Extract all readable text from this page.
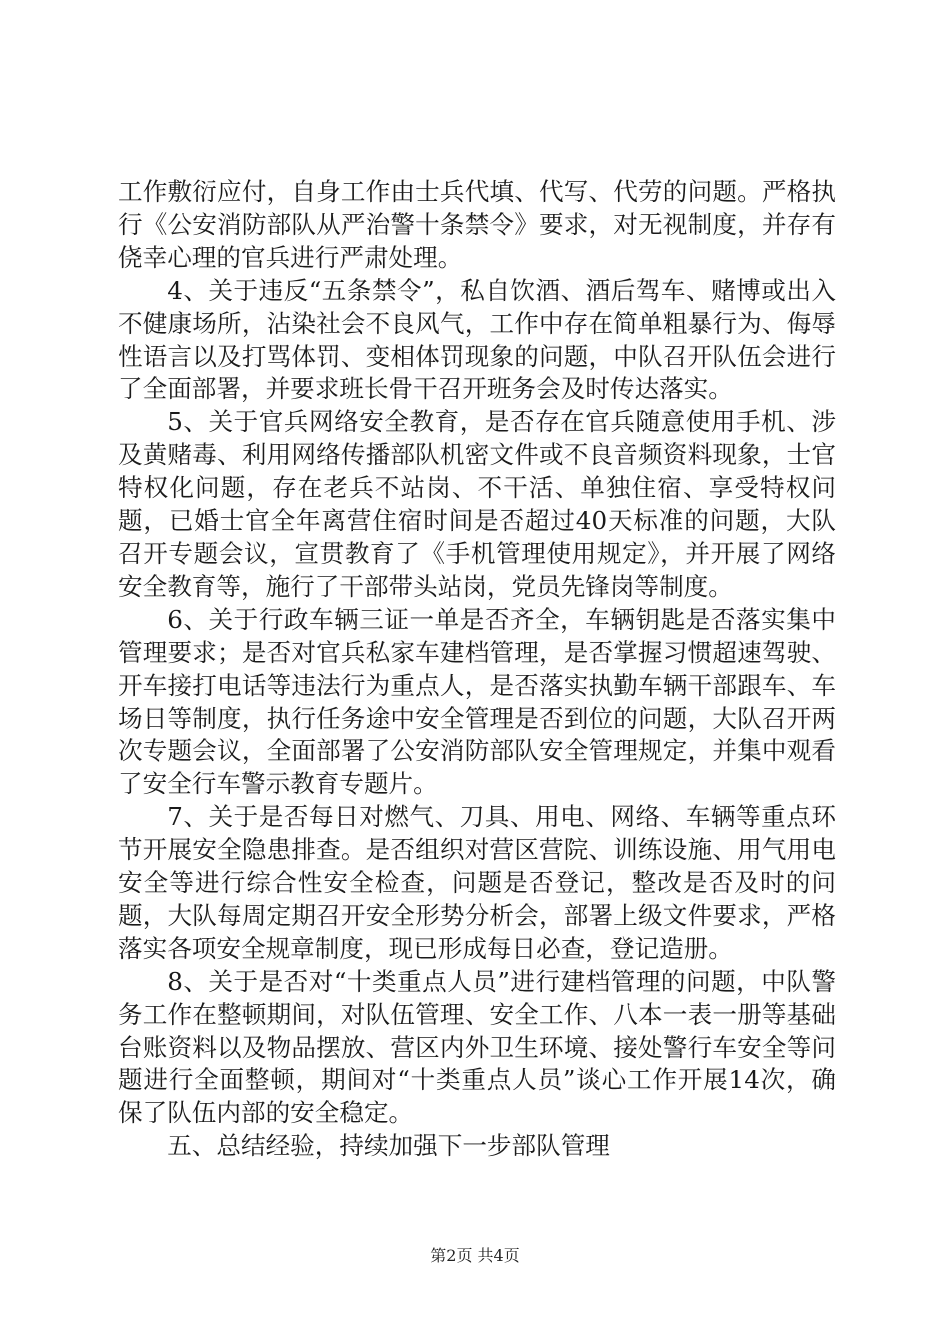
工作敷衍应付，自身工作由士兵代填、代写、代劳的问题。严格执行《公安消防部队从严治警十条禁令》要求，对无视制度，并存有侥幸心理的官兵进行严肃处理。

4、关于违反“五条禁令”，私自饮酒、酒后驾车、赌博或出入不健康场所，沾染社会不良风气，工作中存在简单粗暴行为、侮辱性语言以及打骂体罚、变相体罚现象的问题，中队召开队伍会进行了全面部署，并要求班长骨干召开班务会及时传达落实。

5、关于官兵网络安全教育，是否存在官兵随意使用手机、涉及黄赌毒、利用网络传播部队机密文件或不良音频资料现象，士官特权化问题，存在老兵不站岗、不干活、单独住宿、享受特权问题，已婚士官全年离营住宿时间是否超过40天标准的问题，大队召开专题会议，宣贯教育了《手机管理使用规定》，并开展了网络安全教育等，施行了干部带头站岗，党员先锋岗等制度。

6、关于行政车辆三证一单是否齐全，车辆钥匙是否落实集中管理要求；是否对官兵私家车建档管理，是否掌握习惯超速驾驶、开车接打电话等违法行为重点人，是否落实执勤车辆干部跟车、车场日等制度，执行任务途中安全管理是否到位的问题，大队召开两次专题会议，全面部署了公安消防部队安全管理规定，并集中观看了安全行车警示教育专题片。

7、关于是否每日对燃气、刀具、用电、网络、车辆等重点环节开展安全隐患排查。是否组织对营区营院、训练设施、用气用电安全等进行综合性安全检查，问题是否登记，整改是否及时的问题，大队每周定期召开安全形势分析会，部署上级文件要求，严格落实各项安全规章制度，现已形成每日必查，登记造册。

8、关于是否对“十类重点人员”进行建档管理的问题，中队警务工作在整顿期间，对队伍管理、安全工作、八本一表一册等基础台账资料以及物品摆放、营区内外卫生环境、接处警行车安全等问题进行全面整顿，期间对“十类重点人员”谈心工作开展14次，确保了队伍内部的安全稳定。

五、总结经验，持续加强下一步部队管理

第2页 共4页
